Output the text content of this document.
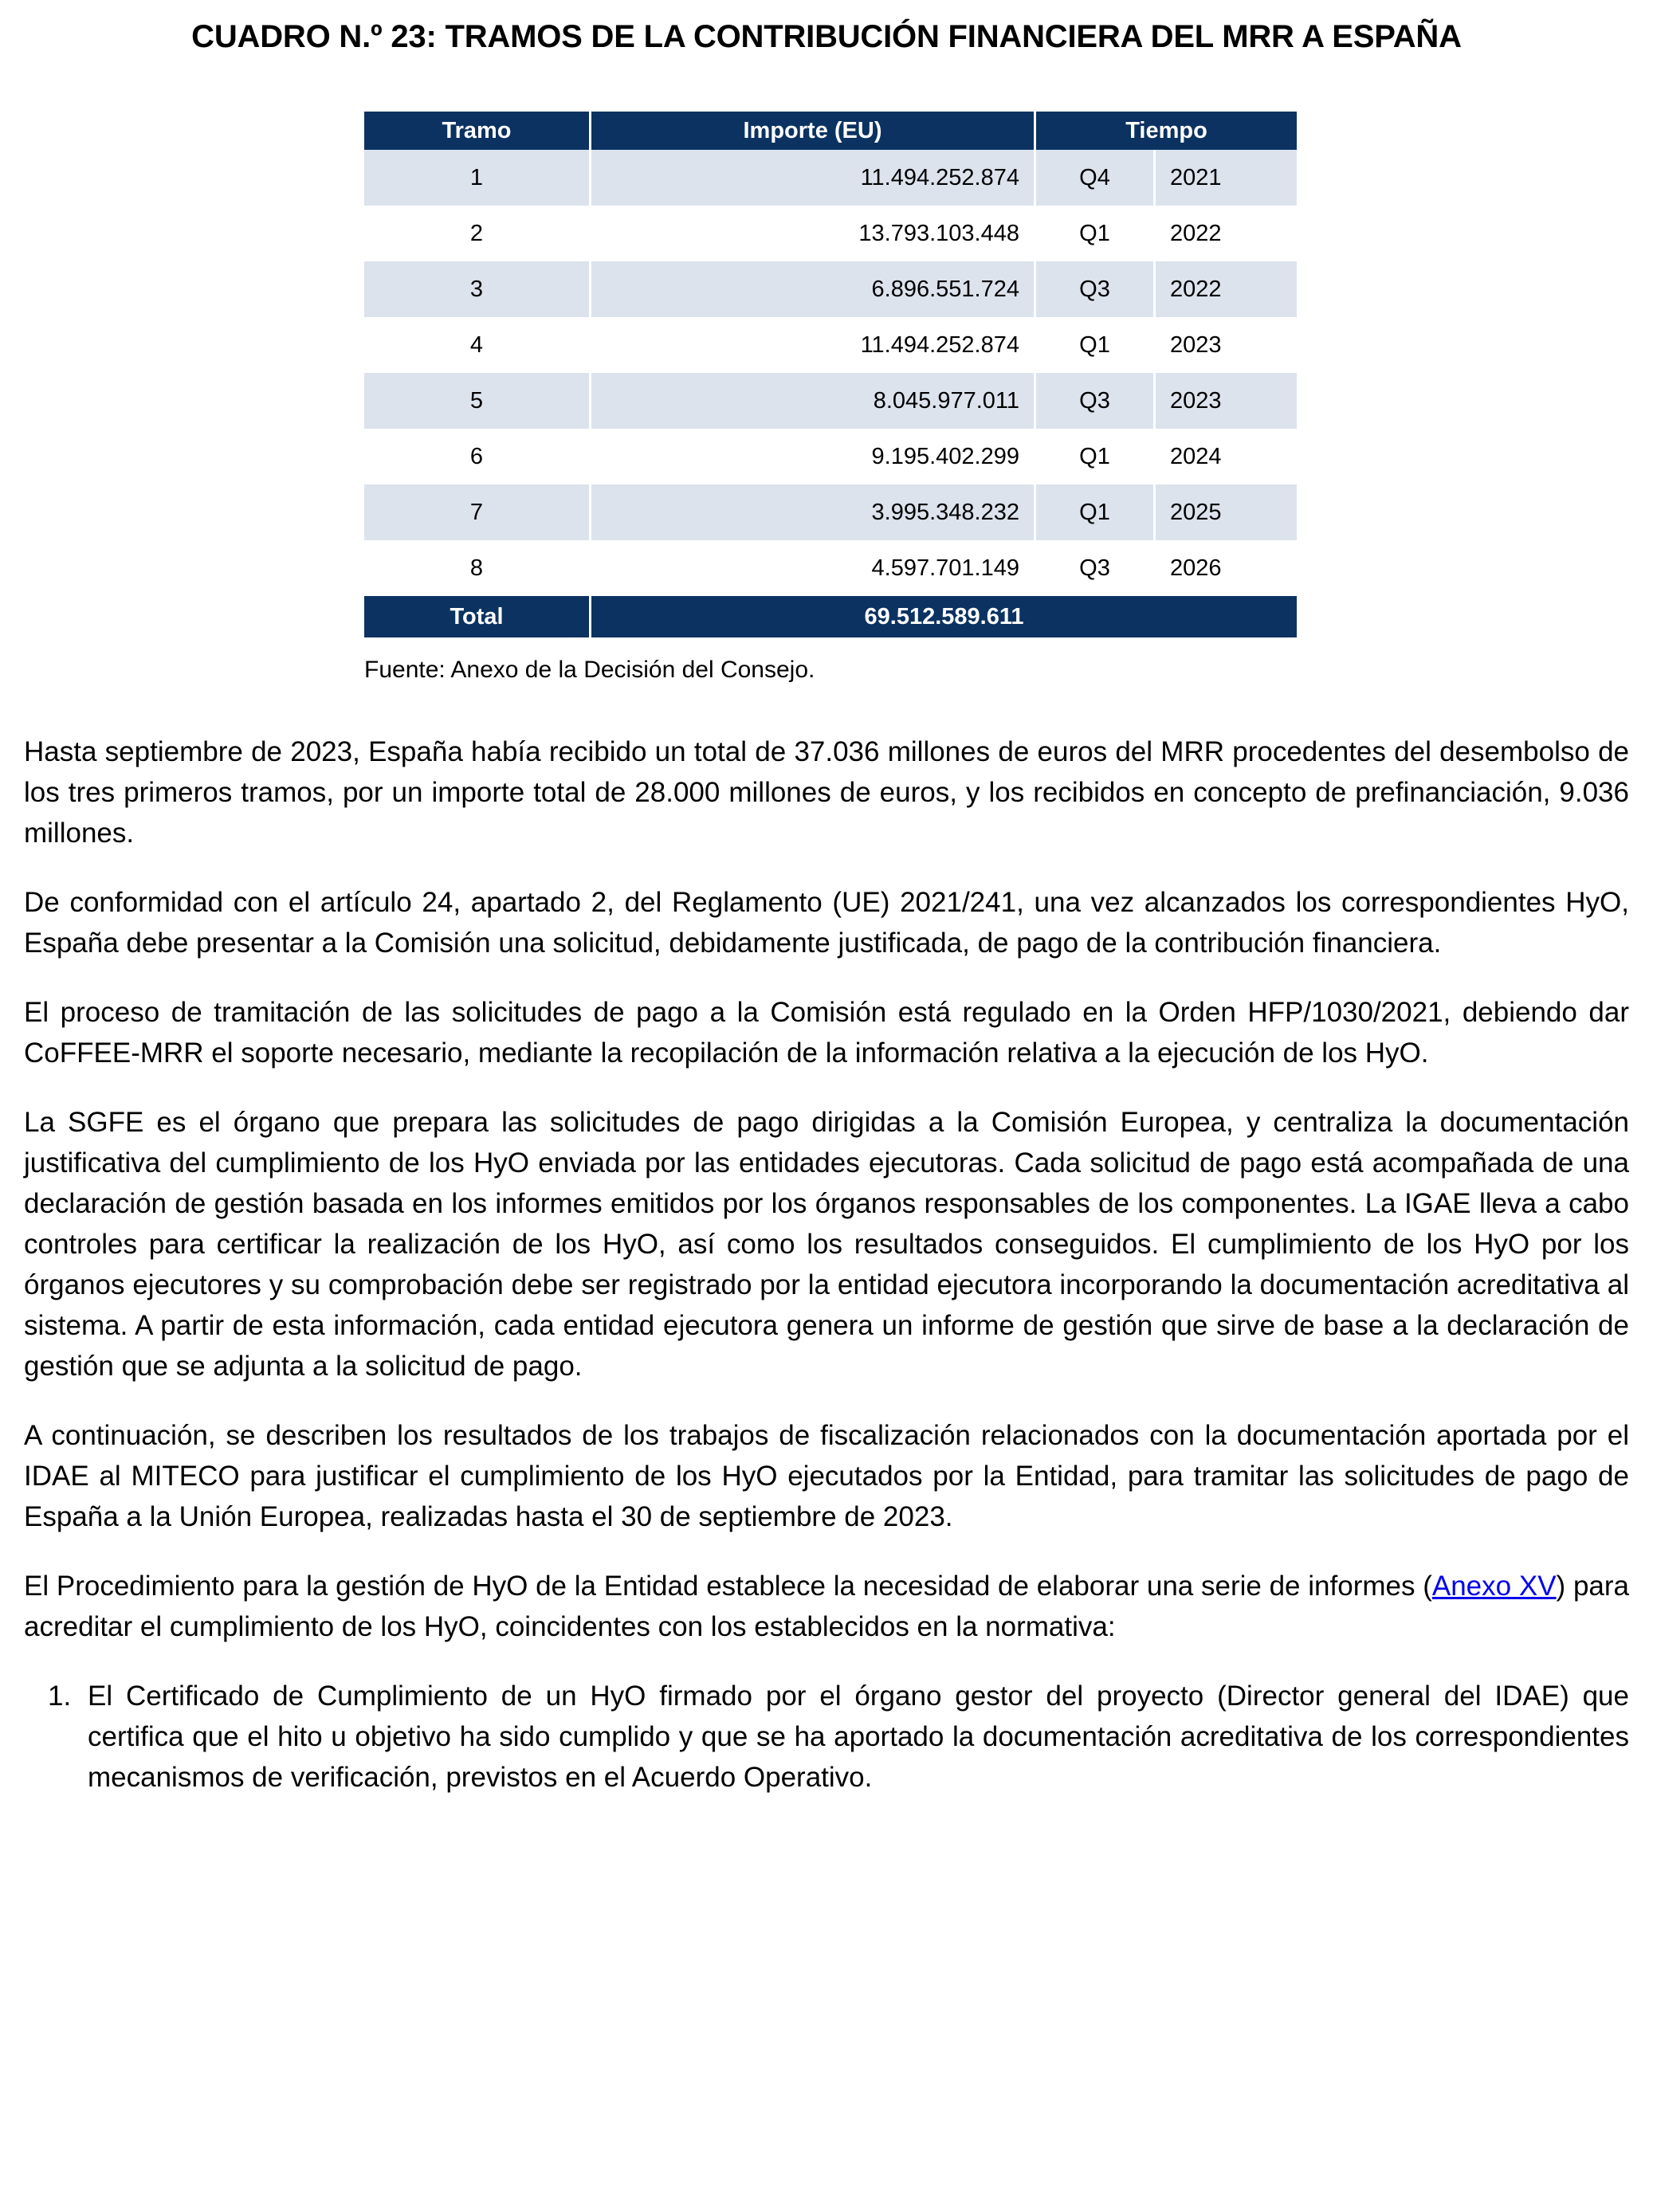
CUADRO N.º 23: TRAMOS DE LA CONTRIBUCIÓN FINANCIERA DEL MRR A ESPAÑA
Tramo	Importe (EU)	Tiempo	
1	11.494.252.874	Q4	2021
2	13.793.103.448	Q1	2022
3	6.896.551.724	Q3	2022
4	11.494.252.874	Q1	2023
5	8.045.977.011	Q3	2023
6	9.195.402.299	Q1	2024
7	3.995.348.232	Q1	2025
8	4.597.701.149	Q3	2026
Total	69.512.589.611		
Fuente: Anexo de la Decisión del Consejo.

Hasta septiembre de 2023, España había recibido un total de 37.036 millones de euros del MRR procedentes del desembolso de los tres primeros tramos, por un importe total de 28.000 millones de euros, y los recibidos en concepto de prefinanciación, 9.036 millones.

De conformidad con el artículo 24, apartado 2, del Reglamento (UE) 2021/241, una vez alcanzados los correspondientes HyO, España debe presentar a la Comisión una solicitud, debidamente justificada, de pago de la contribución financiera.

El proceso de tramitación de las solicitudes de pago a la Comisión está regulado en la Orden HFP/1030/2021, debiendo dar CoFFEE-MRR el soporte necesario, mediante la recopilación de la información relativa a la ejecución de los HyO.

La SGFE es el órgano que prepara las solicitudes de pago dirigidas a la Comisión Europea, y centraliza la documentación justificativa del cumplimiento de los HyO enviada por las entidades ejecutoras. Cada solicitud de pago está acompañada de una declaración de gestión basada en los informes emitidos por los órganos responsables de los componentes. La IGAE lleva a cabo controles para certificar la realización de los HyO, así como los resultados conseguidos. El cumplimiento de los HyO por los órganos ejecutores y su comprobación debe ser registrado por la entidad ejecutora incorporando la documentación acreditativa al sistema. A partir de esta información, cada entidad ejecutora genera un informe de gestión que sirve de base a la declaración de gestión que se adjunta a la solicitud de pago.

A continuación, se describen los resultados de los trabajos de fiscalización relacionados con la documentación aportada por el IDAE al MITECO para justificar el cumplimiento de los HyO ejecutados por la Entidad, para tramitar las solicitudes de pago de España a la Unión Europea, realizadas hasta el 30 de septiembre de 2023.

El Procedimiento para la gestión de HyO de la Entidad establece la necesidad de elaborar una serie de informes (Anexo XV) para acreditar el cumplimiento de los HyO, coincidentes con los establecidos en la normativa:

El Certificado de Cumplimiento de un HyO firmado por el órgano gestor del proyecto (Director general del IDAE) que certifica que el hito u objetivo ha sido cumplido y que se ha aportado la documentación acreditativa de los correspondientes mecanismos de verificación, previstos en el Acuerdo Operativo.
